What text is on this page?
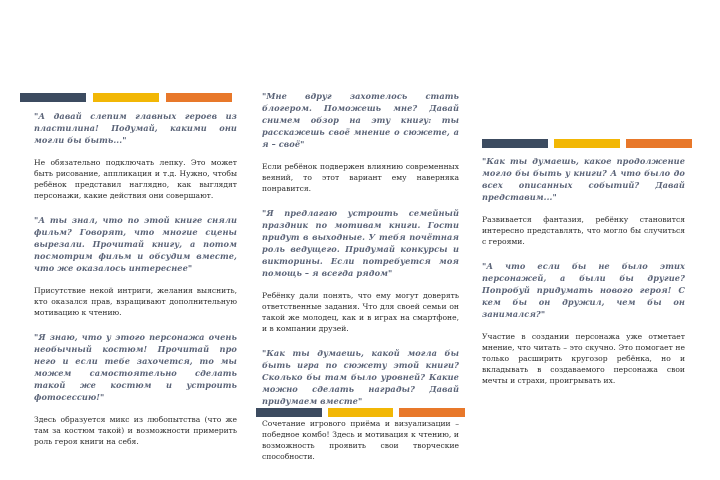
"А давай слепим главных героев из пластилина! Подумай, какими они могли бы быть..."

Не обязательно подключать лепку. Это может быть рисование, аппликация и т.д. Нужно, чтобы ребёнок представил наглядно, как выглядят персонажи, какие действия они совершают.

"А ты знал, что по этой книге сняли фильм? Говорят, что многие сцены вырезали. Прочитай книгу, а потом посмотрим фильм и обсудим вместе, что же оказалось интереснее"

Присутствие некой интриги, желания выяснить, кто оказался прав, взращивают дополнительную мотивацию к чтению.

"Я знаю, что у этого персонажа очень необычный костюм! Прочитай про него и если тебе захочется, то мы можем самостоятельно сделать такой же костюм и устроить фотосессию!"

Здесь образуется микс из любопытства (что же там за костюм такой) и возможности примерить роль героя книги на себя.

"Мне вдруг захотелось стать блогером. Поможешь мне? Давай снимем обзор на эту книгу: ты расскажешь своё мнение о сюжете, а я – своё"

Если ребёнок подвержен влиянию современных веяний, то этот вариант ему наверняка понравится.

"Я предлагаю устроить семейный праздник по мотивам книги. Гости придут в выходные. У тебя почётная роль ведущего. Придумай конкурсы и викторины. Если потребуется моя помощь – я всегда рядом"

Ребёнку дали понять, что ему могут доверять ответственные задания. Что для своей семьи он такой же молодец, как и в играх на смартфоне, и в компании друзей.

"Как ты думаешь, какой могла бы быть игра по сюжету этой книги? Сколько бы там было уровней? Какие можно сделать награды? Давай придумаем вместе"

Сочетание игрового приёма и визуализации – победное комбо! Здесь и мотивация к чтению, и возможность проявить свои творческие способности.

"Как ты думаешь, какое продолжение могло бы быть у книги? А что было до всех описанных событий? Давай представим..."

Развивается фантазия, ребёнку становится интересно представлять, что могло бы случиться с героями.

"А что если бы не было этих персонажей, а были бы другие? Попробуй придумать нового героя! С кем бы он дружил, чем бы он занимался?"

Участие в создании персонажа уже отметает мнение, что читать – это скучно. Это помогает не только расширить кругозор ребёнка, но и вкладывать в создаваемого персонажа свои мечты и страхи, проигрывать их.
